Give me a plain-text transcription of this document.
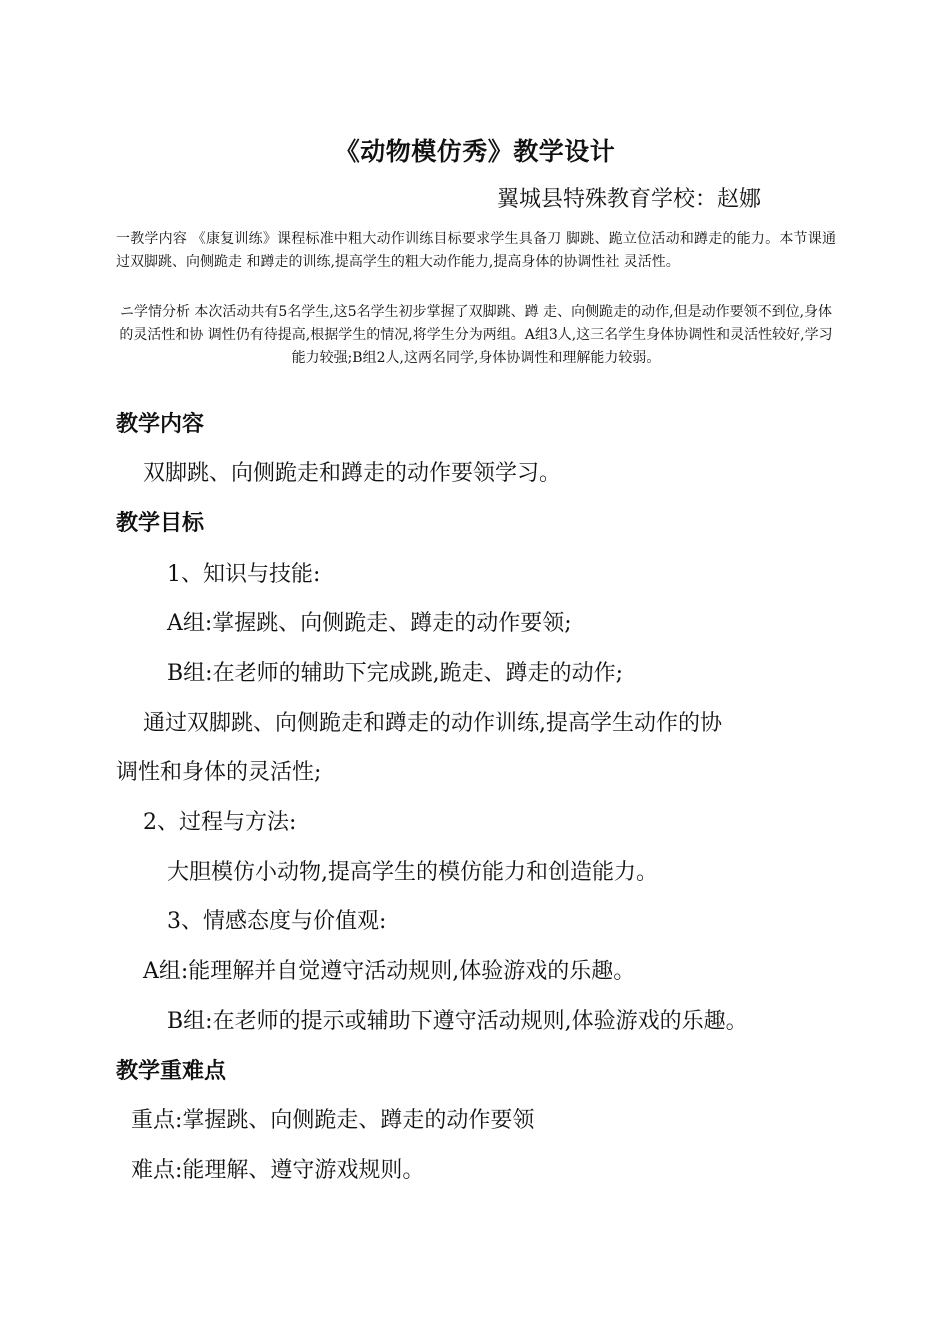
《动物模仿秀》教学设计
翼城县特殊教育学校：赵娜
一教学内容 《康复训练》课程标准中粗大动作训练目标要求学生具备刀 脚跳、跪立位活动和蹲走的能力。本节课通过双脚跳、向侧跪走 和蹲走的训练,提高学生的粗大动作能力,提高身体的协调性社 灵活性。
ニ学情分析 本次活动共有5名学生,这5名学生初步掌握了双脚跳、蹲 走、向侧跪走的动作,但是动作要领不到位,身体的灵活性和协 调性仍有待提高,根据学生的情况,将学生分为两组。A组3人,这三名学生身体协调性和灵活性较好,学习能力较强;B组2人,这两名同学,身体协调性和理解能力较弱。
教学内容
双脚跳、向侧跪走和蹲走的动作要领学习。
教学目标
1、知识与技能:
A组:掌握跳、向侧跪走、蹲走的动作要领;
B组:在老师的辅助下完成跳,跪走、蹲走的动作;
通过双脚跳、向侧跪走和蹲走的动作训练,提高学生动作的协
调性和身体的灵活性;
2、过程与方法:
大胆模仿小动物,提高学生的模仿能力和创造能力。
3、情感态度与价值观:
A组:能理解并自觉遵守活动规则,体验游戏的乐趣。
B组:在老师的提示或辅助下遵守活动规则,体验游戏的乐趣。
教学重难点
重点:掌握跳、向侧跪走、蹲走的动作要领
难点:能理解、遵守游戏规则。
